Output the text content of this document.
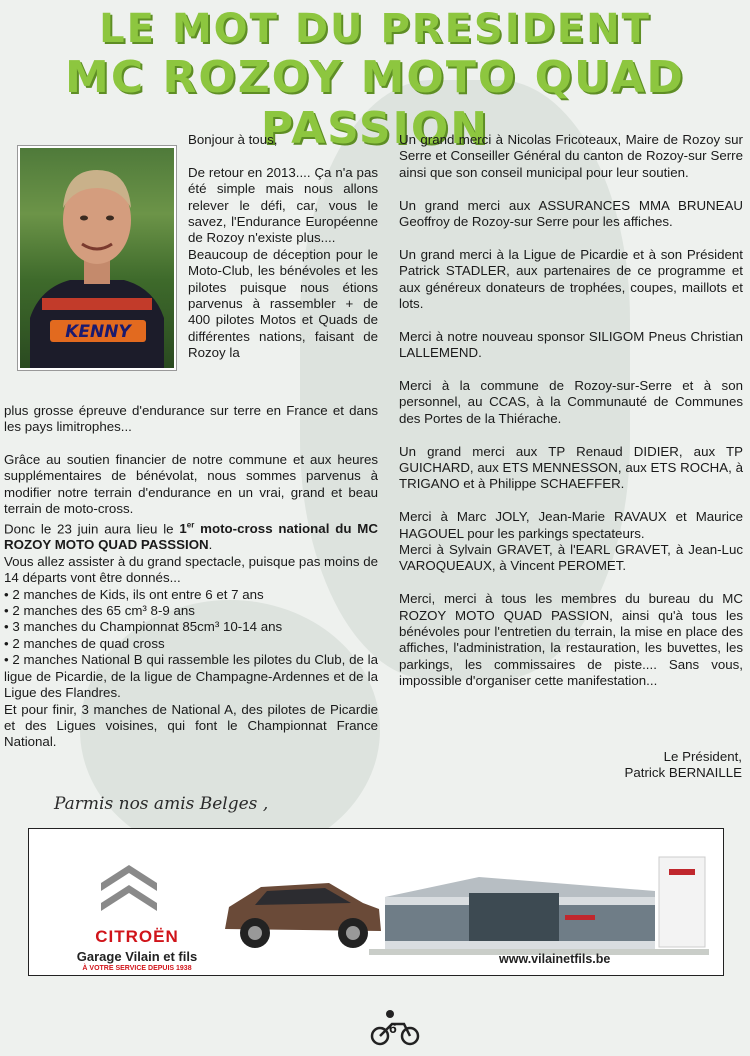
LE MOT DU PRESIDENT
MC ROZOY MOTO QUAD PASSION
KENNY

Bonjour à tous,

De retour en 2013.... Ça n'a pas été simple mais nous allons relever le défi, car, vous le savez, l'Endurance Européenne de Rozoy n'existe plus....

Beaucoup de déception pour le Moto-Club, les bénévoles et les pilotes puisque nous étions parvenus à rassembler + de 400 pilotes Motos et Quads de différentes nations, faisant de Rozoy la

plus grosse épreuve d'endurance sur terre en France et dans les pays limitrophes...

Grâce au soutien financier de notre commune et aux heures supplémentaires de bénévolat, nous sommes parvenus à modifier notre terrain d'endurance en un vrai, grand et beau terrain de moto-cross.

Donc le 23 juin aura lieu le 1er moto-cross national du MC ROZOY MOTO QUAD PASSSION.

Vous allez assister à du grand spectacle, puisque pas moins de 14 départs vont être donnés...

• 2 manches de Kids, ils ont entre 6 et 7 ans
• 2 manches des 65 cm³ 8-9 ans
• 3 manches du Championnat 85cm³ 10-14 ans
• 2 manches de quad cross
• 2 manches National B qui rassemble les pilotes du Club, de la ligue de Picardie, de la ligue de Champagne-Ardennes et de la Ligue des Flandres.

Et pour finir, 3 manches de National A, des pilotes de Picardie et des Ligues voisines, qui font le Championnat France National.

Un grand merci à Nicolas Fricoteaux, Maire de Rozoy sur Serre et Conseiller Général du canton de Rozoy-sur Serre ainsi que son conseil municipal pour leur soutien.

Un grand merci aux ASSURANCES MMA BRUNEAU Geoffroy de Rozoy-sur Serre pour les affiches.

Un grand merci à la Ligue de Picardie et à son Président Patrick STADLER, aux partenaires de ce programme et aux généreux donateurs de trophées, coupes, maillots et lots.

Merci à notre nouveau sponsor SILIGOM Pneus Christian LALLEMEND.

Merci à la commune de Rozoy-sur-Serre et à son personnel, au CCAS, à la Communauté de Communes des Portes de la Thiérache.

Un grand merci aux TP Renaud DIDIER, aux TP GUICHARD, aux ETS MENNESSON, aux ETS ROCHA, à TRIGANO et à Philippe SCHAEFFER.

Merci à Marc JOLY, Jean-Marie RAVAUX et Maurice HAGOUEL pour les parkings spectateurs.

Merci à Sylvain GRAVET, à l'EARL GRAVET, à Jean-Luc VAROQUEAUX, à Vincent PEROMET.

Merci, merci à tous les membres du bureau du MC ROZOY MOTO QUAD PASSION, ainsi qu'à tous les bénévoles pour l'entretien du terrain, la mise en place des affiches, l'administration, la restauration, les buvettes, les parkings, les commissaires de piste.... Sans vous, impossible d'organiser cette manifestation...

Le Président,
Patrick BERNAILLE
Parmis nos amis Belges ,
CITROËN
Garage Vilain et fils
À VOTRE SERVICE DEPUIS 1938
www.vilainetfils.be
6
